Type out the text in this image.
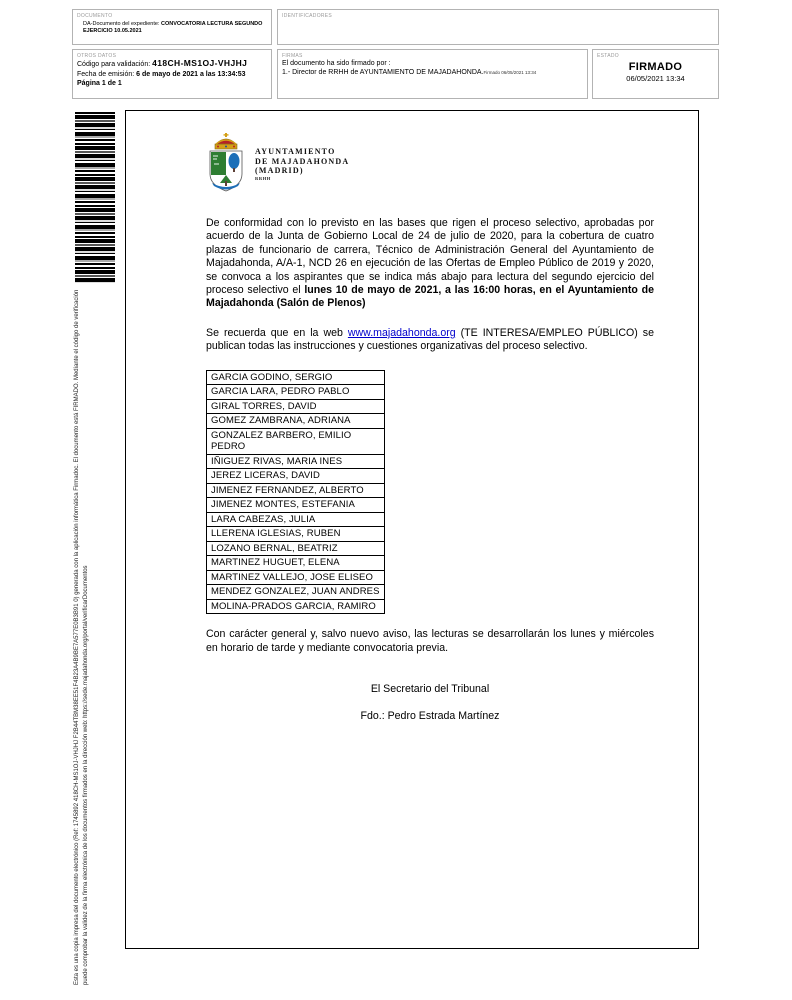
DOCUMENTO
DA-Documento del expediente: CONVOCATORIA LECTURA SEGUNDO EJERCICIO 10.05.2021
IDENTIFICADORES
OTROS DATOS
Código para validación: 418CH-MS1OJ-VHJHJ
Fecha de emisión: 6 de mayo de 2021 a las 13:34:53
Página 1 de 1
FIRMAS
El documento ha sido firmado por :
1.- Director de RRHH de AYUNTAMIENTO DE MAJADAHONDA.Firmado 06/05/2021 13:34
ESTADO
FIRMADO
06/05/2021 13:34
Esta es una copia impresa del documento electrónico (Ref: 1745892 418CH-MS1OJ-VHJHJ F2B44TBM38EE51F4B23A4B9BE7A577E0B3B91 0) generada con la aplicación informática Firmadoc. El documento está FIRMADO. Mediante el código de verificación puede comprobar la validez de la firma electrónica de los documentos firmados en la dirección web: https://sede.majadahonda.org/portal/verificarDocumentos
AYUNTAMIENTO
DE MAJADAHONDA
(MADRID)
RRHH
De conformidad con lo previsto en las bases que rigen el proceso selectivo, aprobadas por acuerdo de la Junta de Gobierno Local de 24 de julio de 2020, para la cobertura de cuatro plazas de funcionario de carrera, Técnico de Administración General del Ayuntamiento de Majadahonda, A/A-1, NCD 26 en ejecución de las Ofertas de Empleo Público de 2019 y 2020, se convoca a los aspirantes que se indica más abajo para lectura del segundo ejercicio del proceso selectivo el lunes 10 de mayo de 2021, a las 16:00 horas, en el Ayuntamiento de Majadahonda (Salón de Plenos)
Se recuerda que en la web www.majadahonda.org (TE INTERESA/EMPLEO PÚBLICO) se publican todas las instrucciones y cuestiones organizativas del proceso selectivo.
GARCIA GODINO, SERGIO
GARCIA LARA, PEDRO PABLO
GIRAL TORRES, DAVID
GOMEZ ZAMBRANA, ADRIANA
GONZALEZ BARBERO, EMILIO PEDRO
IÑIGUEZ RIVAS, MARIA INES
JEREZ LICERAS, DAVID
JIMENEZ FERNANDEZ, ALBERTO
JIMENEZ MONTES, ESTEFANIA
LARA CABEZAS, JULIA
LLERENA IGLESIAS, RUBEN
LOZANO BERNAL, BEATRIZ
MARTINEZ HUGUET, ELENA
MARTINEZ VALLEJO, JOSE ELISEO
MENDEZ GONZALEZ, JUAN ANDRES
MOLINA-PRADOS GARCIA, RAMIRO
Con carácter general y, salvo nuevo aviso, las lecturas se desarrollarán los lunes y miércoles en horario de tarde y mediante convocatoria previa.
El Secretario del Tribunal
Fdo.: Pedro Estrada Martínez
